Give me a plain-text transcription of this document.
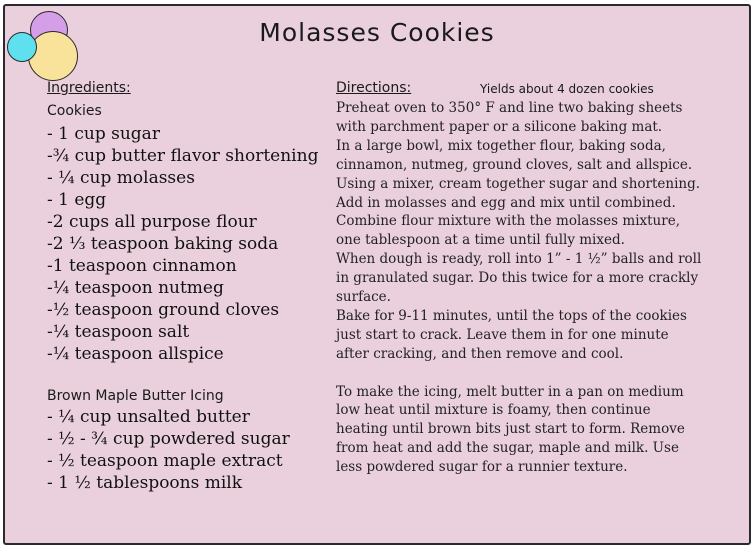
Molasses Cookies
Ingredients:
Cookies
- 1 cup sugar
-¾ cup butter flavor shortening
- ¼ cup molasses
- 1 egg
-2 cups all purpose flour
-2 ⅓ teaspoon baking soda
-1 teaspoon cinnamon
-¼ teaspoon nutmeg
-½ teaspoon ground cloves
-¼ teaspoon salt
-¼ teaspoon allspice
Brown Maple Butter Icing
- ¼ cup unsalted butter
- ½ - ¾ cup powdered sugar
- ½ teaspoon maple extract
- 1 ½ tablespoons milk
Directions:	Yields about 4 dozen cookies

Preheat oven to 350° F and line two baking sheets with parchment paper or a silicone baking mat.

In a large bowl, mix together flour, baking soda, cinnamon, nutmeg, ground cloves, salt and allspice.

Using a mixer, cream together sugar and shortening. Add in molasses and egg and mix until combined.

Combine flour mixture with the molasses mixture, one tablespoon at a time until fully mixed.

When dough is ready, roll into 1” - 1 ½” balls and roll in granulated sugar. Do this twice for a more crackly surface.

Bake for 9-11 minutes, until the tops of the cookies just start to crack. Leave them in for one minute after cracking, and then remove and cool.

To make the icing, melt butter in a pan on medium low heat until mixture is foamy, then continue heating until brown bits just start to form. Remove from heat and add the sugar, maple and milk. Use less powdered sugar for a runnier texture.
